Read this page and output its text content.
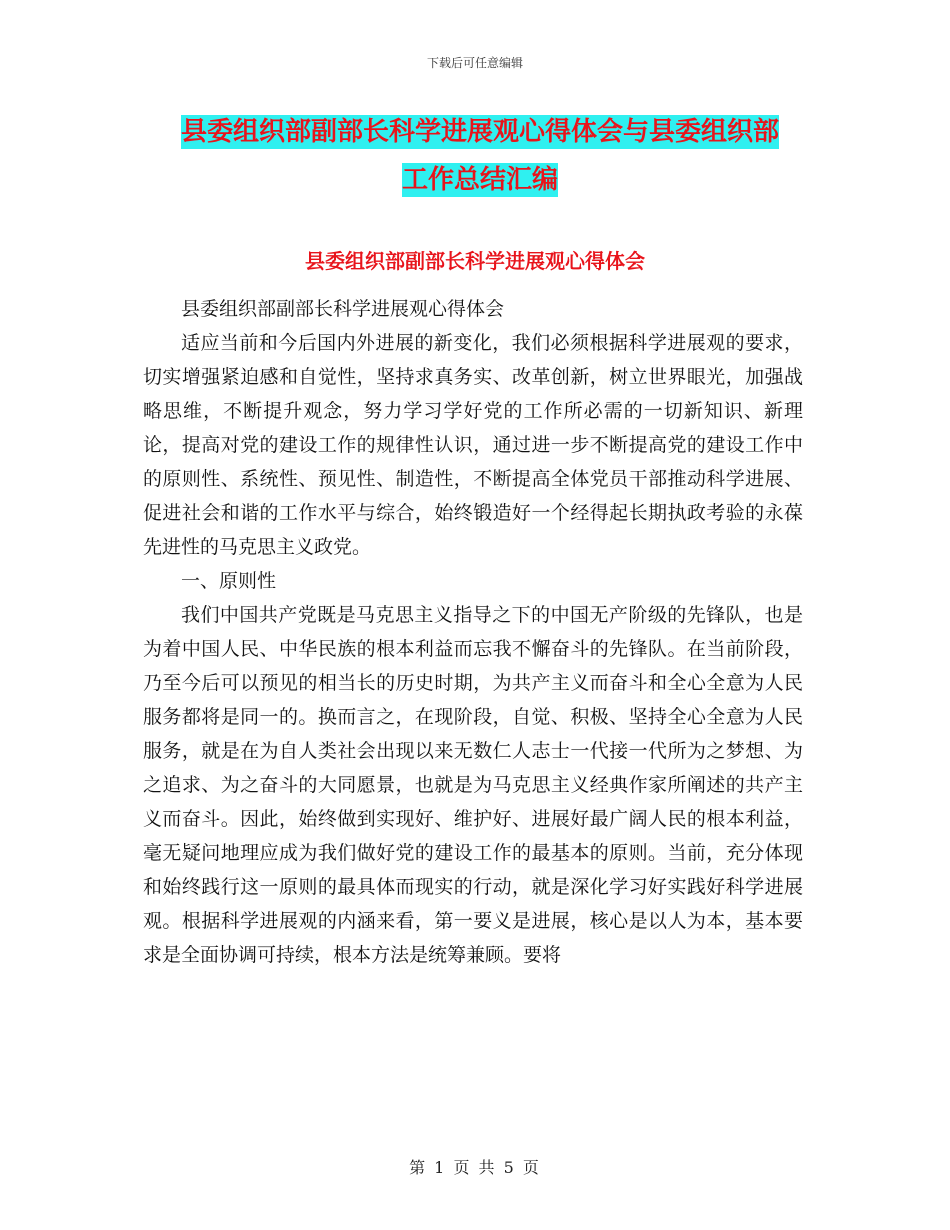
下载后可任意编辑
县委组织部副部长科学进展观心得体会与县委组织部
工作总结汇编
县委组织部副部长科学进展观心得体会

县委组织部副部长科学进展观心得体会

适应当前和今后国内外进展的新变化，我们必须根据科学进展观的要求，切实增强紧迫感和自觉性，坚持求真务实、改革创新，树立世界眼光，加强战略思维，不断提升观念，努力学习学好党的工作所必需的一切新知识、新理论，提高对党的建设工作的规律性认识，通过进一步不断提高党的建设工作中的原则性、系统性、预见性、制造性，不断提高全体党员干部推动科学进展、促进社会和谐的工作水平与综合，始终锻造好一个经得起长期执政考验的永葆先进性的马克思主义政党。

一、原则性

我们中国共产党既是马克思主义指导之下的中国无产阶级的先锋队，也是为着中国人民、中华民族的根本利益而忘我不懈奋斗的先锋队。在当前阶段，乃至今后可以预见的相当长的历史时期，为共产主义而奋斗和全心全意为人民服务都将是同一的。换而言之，在现阶段，自觉、积极、坚持全心全意为人民服务，就是在为自人类社会出现以来无数仁人志士一代接一代所为之梦想、为之追求、为之奋斗的大同愿景，也就是为马克思主义经典作家所阐述的共产主义而奋斗。因此，始终做到实现好、维护好、进展好最广阔人民的根本利益，毫无疑问地理应成为我们做好党的建设工作的最基本的原则。当前，充分体现和始终践行这一原则的最具体而现实的行动，就是深化学习好实践好科学进展观。根据科学进展观的内涵来看，第一要义是进展，核心是以人为本，基本要求是全面协调可持续，根本方法是统筹兼顾。要将

第 1 页 共 5 页
